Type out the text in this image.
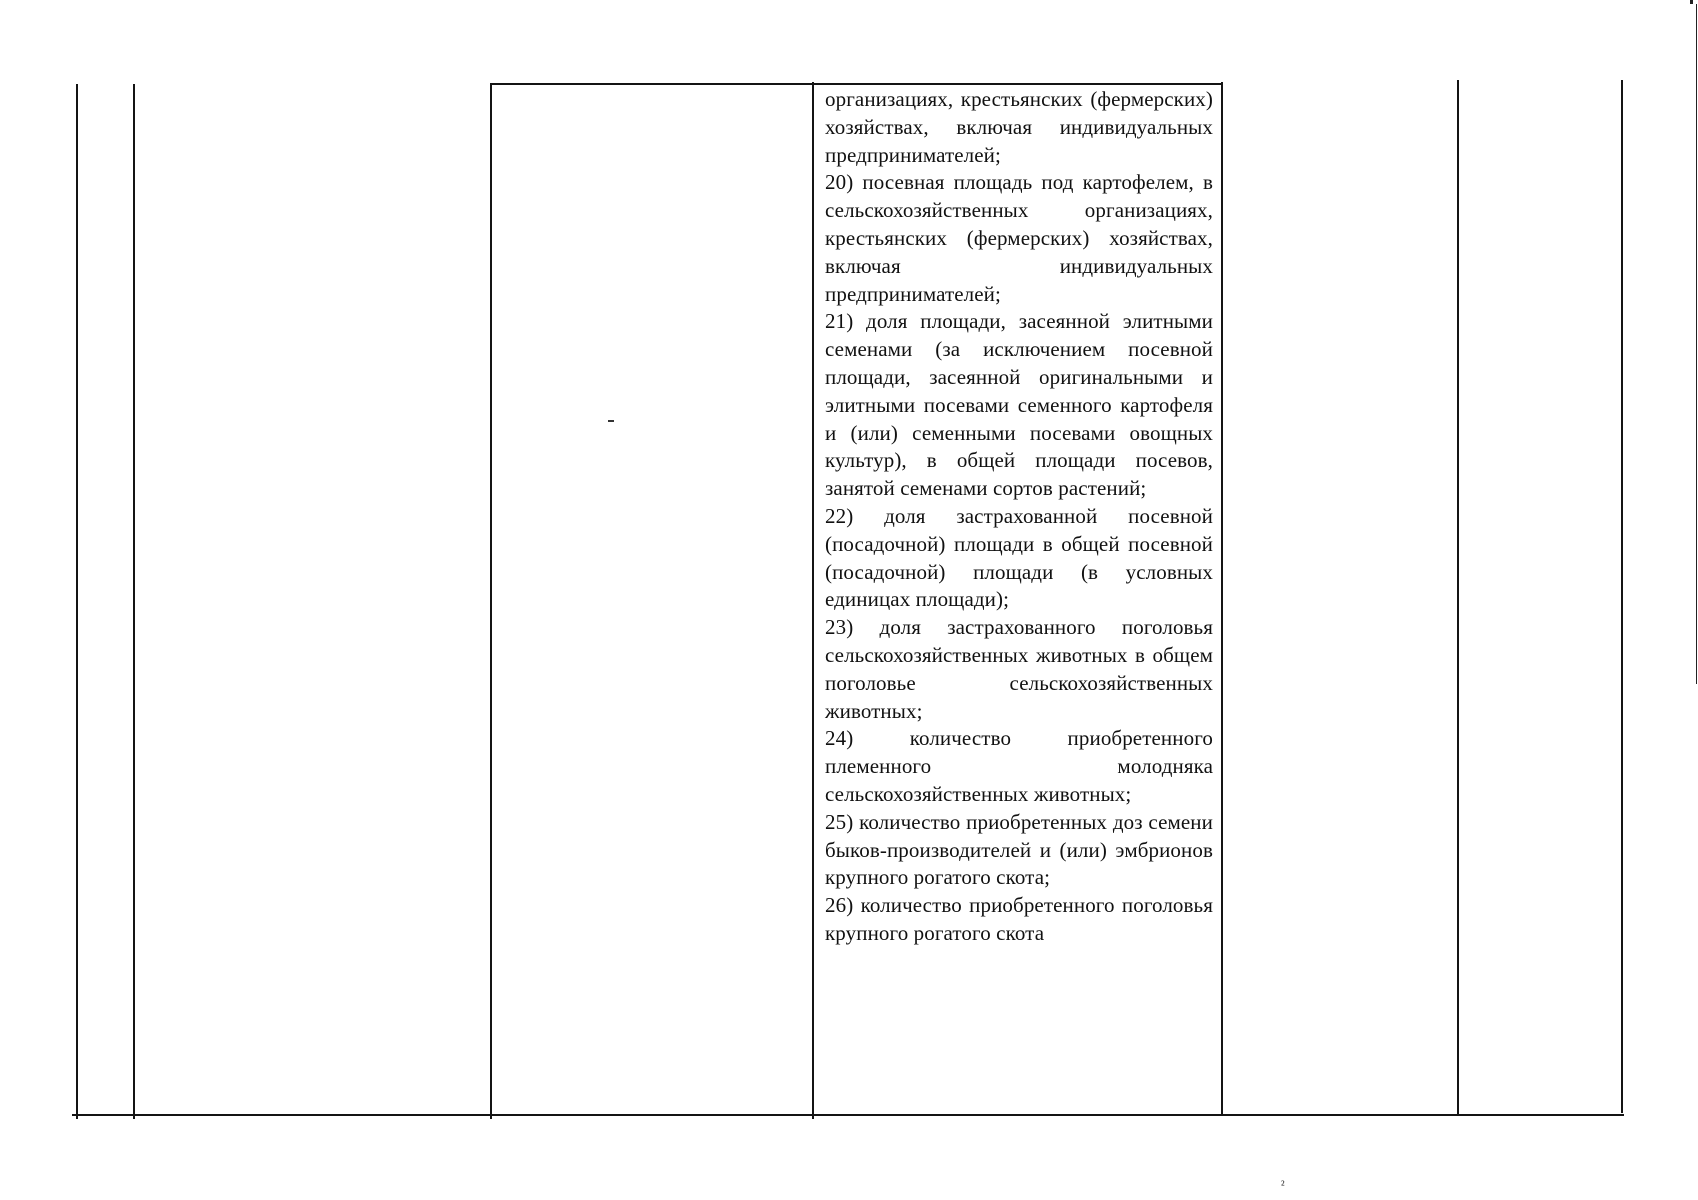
организациях, крестьянских (фермерских) хозяйствах, включая индивидуальных предпринимателей;

20) посевная площадь под картофелем, в сельскохозяйственных организациях, крестьянских (фермерских) хозяйствах, включая индивидуальных предпринимателей;

21) доля площади, засеянной элитными семенами (за исключением посевной площади, засеянной оригинальными и элитными посевами семенного картофеля и (или) семенными посевами овощных культур), в общей площади посевов, занятой семенами сортов растений;

22) доля застрахованной посевной (посадочной) площади в общей посевной (посадочной) площади (в условных единицах площади);

23) доля застрахованного поголовья сельскохозяйственных животных в общем поголовье сельскохозяйственных животных;

24) количество приобретенного племенного молодняка сельскохозяйственных животных;

25) количество приобретенных доз семени быков-производителей и (или) эмбрионов крупного рогатого скота;

26) количество приобретенного поголовья крупного рогатого скота

²
